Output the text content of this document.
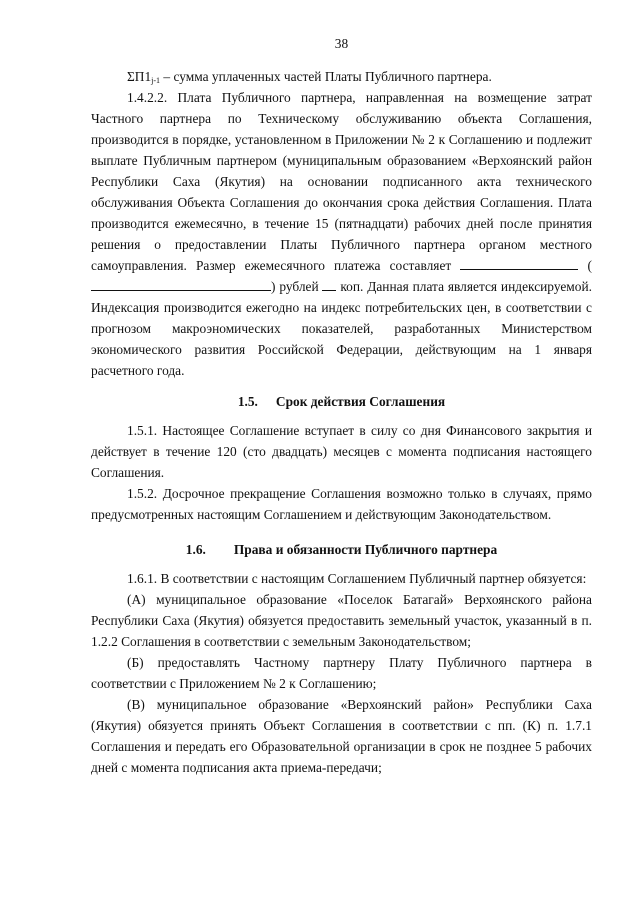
38

$\Sigma П1_{j-1}$ – сумма уплаченных частей Платы Публичного партнера.

1.4.2.2. Плата Публичного партнера, направленная на возмещение затрат Частного партнера по Техническому обслуживанию объекта Соглашения, производится в порядке, установленном в Приложении № 2 к Соглашению и подлежит выплате Публичным партнером (муниципальным образованием «Верхоянский район Республики Саха (Якутия) на основании подписанного акта технического обслуживания Объекта Соглашения до окончания срока действия Соглашения. Плата производится ежемесячно, в течение 15 (пятнадцати) рабочих дней после принятия решения о предоставлении Платы Публичного партнера органом местного самоуправления. Размер ежемесячного платежа составляет	() рублей коп. Данная плата является индексируемой. Индексация производится ежегодно на индекс потребительских цен, в соответствии с прогнозом макроэномических показателей, разработанных Министерством экономического развития Российской Федерации, действующим на 1 января расчетного года.

1.5. Срок действия Соглашения

1.5.1. Настоящее Соглашение вступает в силу со дня Финансового закрытия и действует в течение 120 (сто двадцать) месяцев с момента подписания настоящего Соглашения.

1.5.2. Досрочное прекращение Соглашения возможно только в случаях, прямо предусмотренных настоящим Соглашением и действующим Законодательством.

1.6. Права и обязанности Публичного партнера

1.6.1. В соответствии с настоящим Соглашением Публичный партнер обязуется:

(А) муниципальное образование «Поселок Батагай» Верхоянского района Республики Саха (Якутия) обязуется предоставить земельный участок, указанный в п. 1.2.2 Соглашения в соответствии с земельным Законодательством;

(Б) предоставлять Частному партнеру Плату Публичного партнера в соответствии с Приложением № 2 к Соглашению;

(В) муниципальное образование «Верхоянский район» Республики Саха (Якутия) обязуется принять Объект Соглашения в соответствии с пп. (К) п. 1.7.1 Соглашения и передать его Образовательной организации в срок не позднее 5 рабочих дней с момента подписания акта приема-передачи;
